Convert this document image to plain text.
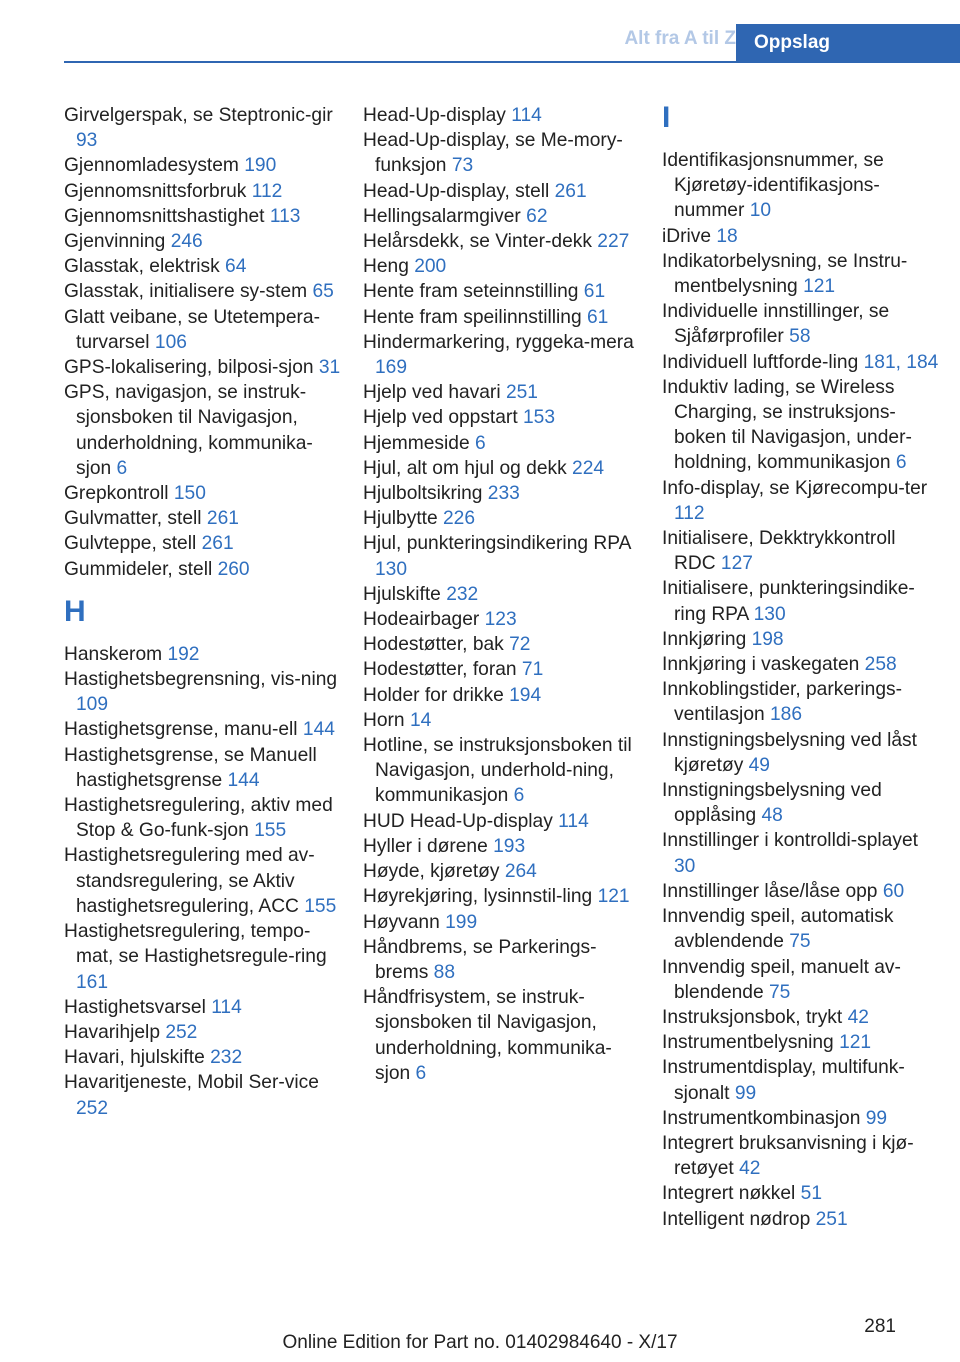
Alt fra A til Z Oppslag

Girvelgerspak, se Steptronic-gir 93

Gjennomladesystem 190

Gjennomsnittsforbruk 112

Gjennomsnittshastighet 113

Gjenvinning 246

Glasstak, elektrisk 64

Glasstak, initialisere sy-stem 65

Glatt veibane, se Utetempera-turvarsel 106

GPS-lokalisering, bilposi-sjon 31

GPS, navigasjon, se instruk-sjonsboken til Navigasjon, underholdning, kommunika-sjon 6

Grepkontroll 150

Gulvmatter, stell 261

Gulvteppe, stell 261

Gummideler, stell 260

H

Hanskerom 192

Hastighetsbegrensning, vis-ning 109

Hastighetsgrense, manu-ell 144

Hastighetsgrense, se Manuell hastighetsgrense 144

Hastighetsregulering, aktiv med Stop & Go-funk-sjon 155

Hastighetsregulering med av-standsregulering, se Aktiv hastighetsregulering, ACC 155

Hastighetsregulering, tempo-mat, se Hastighetsregule-ring 161

Hastighetsvarsel 114

Havarihjelp 252

Havari, hjulskifte 232

Havaritjeneste, Mobil Ser-vice 252

Head-Up-display 114

Head-Up-display, se Me-mory-funksjon 73

Head-Up-display, stell 261

Hellingsalarmgiver 62

Helårsdekk, se Vinter-dekk 227

Heng 200

Hente fram seteinnstilling 61

Hente fram speilinnstilling 61

Hindermarkering, ryggeka-mera 169

Hjelp ved havari 251

Hjelp ved oppstart 153

Hjemmeside 6

Hjul, alt om hjul og dekk 224

Hjulboltsikring 233

Hjulbytte 226

Hjul, punkteringsindikering RPA 130

Hjulskifte 232

Hodeairbager 123

Hodestøtter, bak 72

Hodestøtter, foran 71

Holder for drikke 194

Horn 14

Hotline, se instruksjonsboken til Navigasjon, underhold-ning, kommunikasjon 6

HUD Head-Up-display 114

Hyller i dørene 193

Høyde, kjøretøy 264

Høyrekjøring, lysinnstil-ling 121

Høyvann 199

Håndbrems, se Parkerings-brems 88

Håndfrisystem, se instruk-sjonsboken til Navigasjon, underholdning, kommunika-sjon 6

I

Identifikasjonsnummer, se Kjøretøy-identifikasjons-nummer 10

iDrive 18

Indikatorbelysning, se Instru-mentbelysning 121

Individuelle innstillinger, se Sjåførprofiler 58

Individuell luftforde-ling 181, 184

Induktiv lading, se Wireless Charging, se instruksjons-boken til Navigasjon, under-holdning, kommunikasjon 6

Info-display, se Kjørecompu-ter 112

Initialisere, Dekktrykkontroll RDC 127

Initialisere, punkteringsindike-ring RPA 130

Innkjøring 198

Innkjøring i vaskegaten 258

Innkoblingstider, parkerings-ventilasjon 186

Innstigningsbelysning ved låst kjøretøy 49

Innstigningsbelysning ved opplåsing 48

Innstillinger i kontrolldi-splayet 30

Innstillinger låse/låse opp 60

Innvendig speil, automatisk avblendende 75

Innvendig speil, manuelt av-blendende 75

Instruksjonsbok, trykt 42

Instrumentbelysning 121

Instrumentdisplay, multifunk-sjonalt 99

Instrumentkombinasjon 99

Integrert bruksanvisning i kjø-retøyet 42

Integrert nøkkel 51

Intelligent nødrop 251

281
Online Edition for Part no. 01402984640 - X/17
